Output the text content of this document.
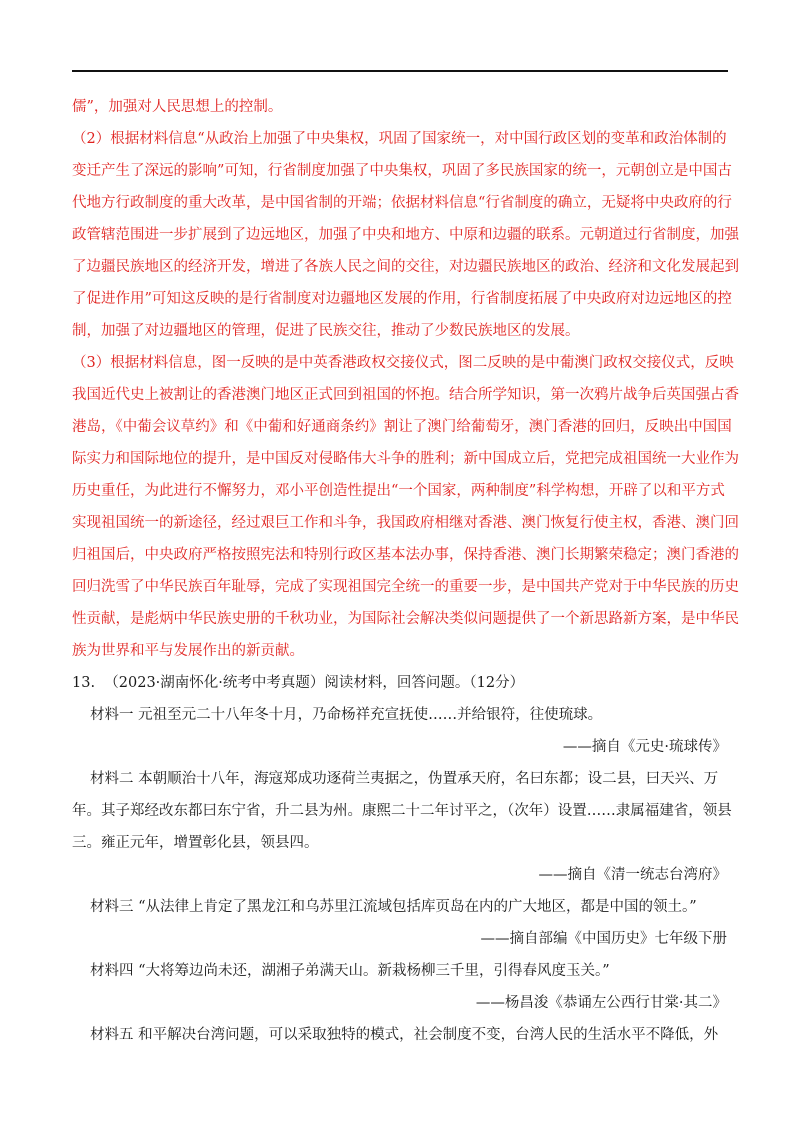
儒”，加强对人民思想上的控制。
（2）根据材料信息“从政治上加强了中央集权，巩固了国家统一，对中国行政区划的变革和政治体制的
变迁产生了深远的影响”可知，行省制度加强了中央集权，巩固了多民族国家的统一，元朝创立是中国古
代地方行政制度的重大改革，是中国省制的开端；依据材料信息“行省制度的确立，无疑将中央政府的行
政管辖范围进一步扩展到了边远地区，加强了中央和地方、中原和边疆的联系。元朝道过行省制度，加强
了边疆民族地区的经济开发，增进了各族人民之间的交往，对边疆民族地区的政治、经济和文化发展起到
了促进作用”可知这反映的是行省制度对边疆地区发展的作用，行省制度拓展了中央政府对边远地区的控
制，加强了对边疆地区的管理，促进了民族交往，推动了少数民族地区的发展。
（3）根据材料信息，图一反映的是中英香港政权交接仪式，图二反映的是中葡澳门政权交接仪式，反映
我国近代史上被割让的香港澳门地区正式回到祖国的怀抱。结合所学知识，第一次鸦片战争后英国强占香
港岛，《中葡会议草约》和《中葡和好通商条约》割让了澳门给葡萄牙，澳门香港的回归，反映出中国国
际实力和国际地位的提升，是中国反对侵略伟大斗争的胜利；新中国成立后，党把完成祖国统一大业作为
历史重任，为此进行不懈努力，邓小平创造性提出“一个国家，两种制度”科学构想，开辟了以和平方式
实现祖国统一的新途径，经过艰巨工作和斗争，我国政府相继对香港、澳门恢复行使主权，香港、澳门回
归祖国后，中央政府严格按照宪法和特别行政区基本法办事，保持香港、澳门长期繁荣稳定；澳门香港的
回归洗雪了中华民族百年耻辱，完成了实现祖国完全统一的重要一步，是中国共产党对于中华民族的历史
性贡献，是彪炳中华民族史册的千秋功业，为国际社会解决类似问题提供了一个新思路新方案，是中华民
族为世界和平与发展作出的新贡献。
13. （2023·湖南怀化·统考中考真题）阅读材料，回答问题。（12分）
材料一 元祖至元二十八年冬十月，乃命杨祥充宣抚使……并给银符，往使琉球。
——摘自《元史·琉球传》
材料二 本朝顺治十八年，海寇郑成功逐荷兰夷据之，伪置承天府，名曰东都；设二县，曰天兴、万
年。其子郑经改东都曰东宁省，升二县为州。康熙二十二年讨平之，（次年）设置……隶属福建省，领县
三。雍正元年，增置彰化县，领县四。
——摘自《清一统志台湾府》
材料三 “从法律上肯定了黑龙江和乌苏里江流域包括库页岛在内的广大地区，都是中国的领土。”
——摘自部编《中国历史》七年级下册
材料四 “大将筹边尚未还，湖湘子弟满天山。新栽杨柳三千里，引得春风度玉关。”
——杨昌浚《恭诵左公西行甘棠·其二》
材料五 和平解决台湾问题，可以采取独特的模式，社会制度不变，台湾人民的生活水平不降低，外
